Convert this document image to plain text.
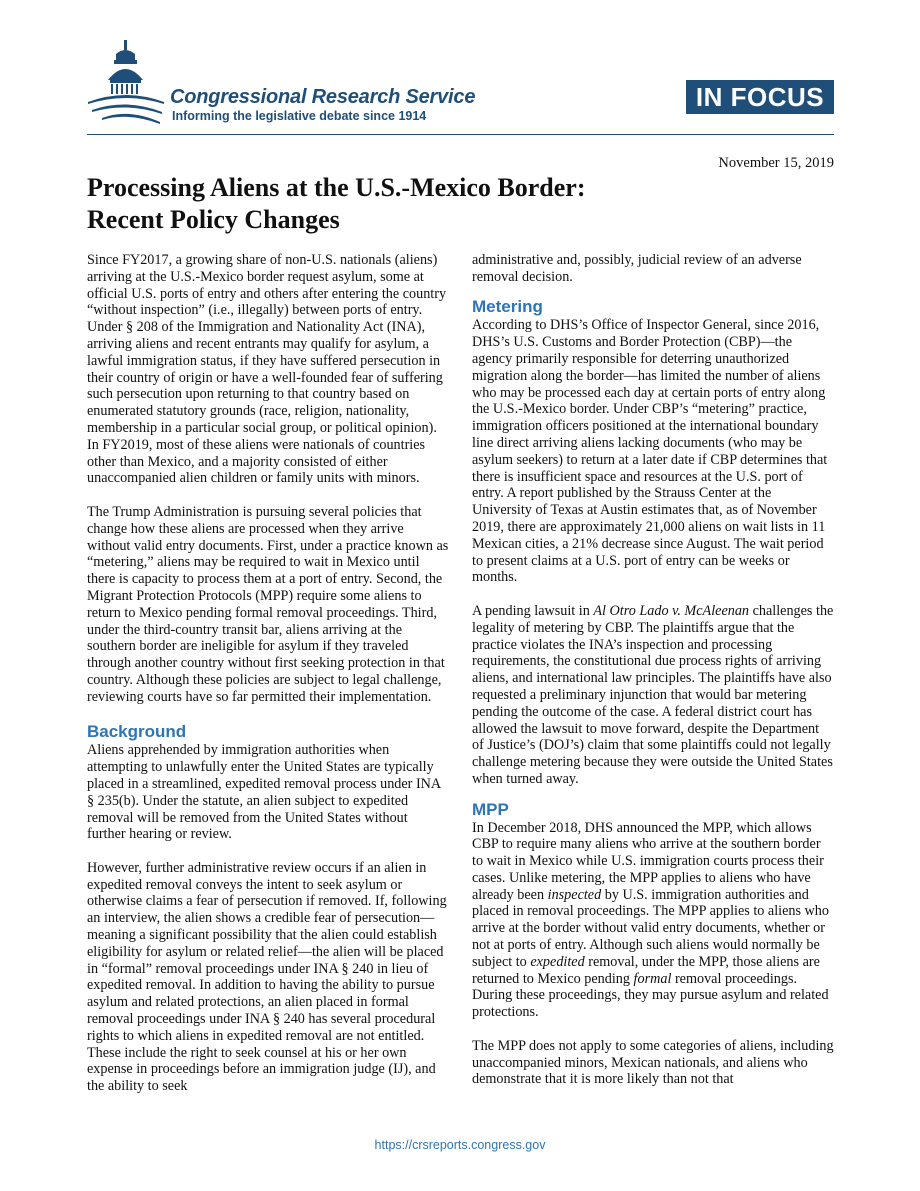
Congressional Research Service
Informing the legislative debate since 1914
IN FOCUS
November 15, 2019
Processing Aliens at the U.S.-Mexico Border:
Recent Policy Changes

Since FY2017, a growing share of non-U.S. nationals (aliens) arriving at the U.S.-Mexico border request asylum, some at official U.S. ports of entry and others after entering the country “without inspection” (i.e., illegally) between ports of entry. Under § 208 of the Immigration and Nationality Act (INA), arriving aliens and recent entrants may qualify for asylum, a lawful immigration status, if they have suffered persecution in their country of origin or have a well-founded fear of suffering such persecution upon returning to that country based on enumerated statutory grounds (race, religion, nationality, membership in a particular social group, or political opinion). In FY2019, most of these aliens were nationals of countries other than Mexico, and a majority consisted of either unaccompanied alien children or family units with minors.

The Trump Administration is pursuing several policies that change how these aliens are processed when they arrive without valid entry documents. First, under a practice known as “metering,” aliens may be required to wait in Mexico until there is capacity to process them at a port of entry. Second, the Migrant Protection Protocols (MPP) require some aliens to return to Mexico pending formal removal proceedings. Third, under the third-country transit bar, aliens arriving at the southern border are ineligible for asylum if they traveled through another country without first seeking protection in that country. Although these policies are subject to legal challenge, reviewing courts have so far permitted their implementation.

Background

Aliens apprehended by immigration authorities when attempting to unlawfully enter the United States are typically placed in a streamlined, expedited removal process under INA § 235(b). Under the statute, an alien subject to expedited removal will be removed from the United States without further hearing or review.

However, further administrative review occurs if an alien in expedited removal conveys the intent to seek asylum or otherwise claims a fear of persecution if removed. If, following an interview, the alien shows a credible fear of persecution—meaning a significant possibility that the alien could establish eligibility for asylum or related relief—the alien will be placed in “formal” removal proceedings under INA § 240 in lieu of expedited removal. In addition to having the ability to pursue asylum and related protections, an alien placed in formal removal proceedings under INA § 240 has several procedural rights to which aliens in expedited removal are not entitled. These include the right to seek counsel at his or her own expense in proceedings before an immigration judge (IJ), and the ability to seek

administrative and, possibly, judicial review of an adverse removal decision.

Metering

According to DHS’s Office of Inspector General, since 2016, DHS’s U.S. Customs and Border Protection (CBP)—the agency primarily responsible for deterring unauthorized migration along the border—has limited the number of aliens who may be processed each day at certain ports of entry along the U.S.-Mexico border. Under CBP’s “metering” practice, immigration officers positioned at the international boundary line direct arriving aliens lacking documents (who may be asylum seekers) to return at a later date if CBP determines that there is insufficient space and resources at the U.S. port of entry. A report published by the Strauss Center at the University of Texas at Austin estimates that, as of November 2019, there are approximately 21,000 aliens on wait lists in 11 Mexican cities, a 21% decrease since August. The wait period to present claims at a U.S. port of entry can be weeks or months.

A pending lawsuit in Al Otro Lado v. McAleenan challenges the legality of metering by CBP. The plaintiffs argue that the practice violates the INA’s inspection and processing requirements, the constitutional due process rights of arriving aliens, and international law principles. The plaintiffs have also requested a preliminary injunction that would bar metering pending the outcome of the case. A federal district court has allowed the lawsuit to move forward, despite the Department of Justice’s (DOJ’s) claim that some plaintiffs could not legally challenge metering because they were outside the United States when turned away.

MPP

In December 2018, DHS announced the MPP, which allows CBP to require many aliens who arrive at the southern border to wait in Mexico while U.S. immigration courts process their cases. Unlike metering, the MPP applies to aliens who have already been inspected by U.S. immigration authorities and placed in removal proceedings. The MPP applies to aliens who arrive at the border without valid entry documents, whether or not at ports of entry. Although such aliens would normally be subject to expedited removal, under the MPP, those aliens are returned to Mexico pending formal removal proceedings. During these proceedings, they may pursue asylum and related protections.

The MPP does not apply to some categories of aliens, including unaccompanied minors, Mexican nationals, and aliens who demonstrate that it is more likely than not that

https://crsreports.congress.gov
